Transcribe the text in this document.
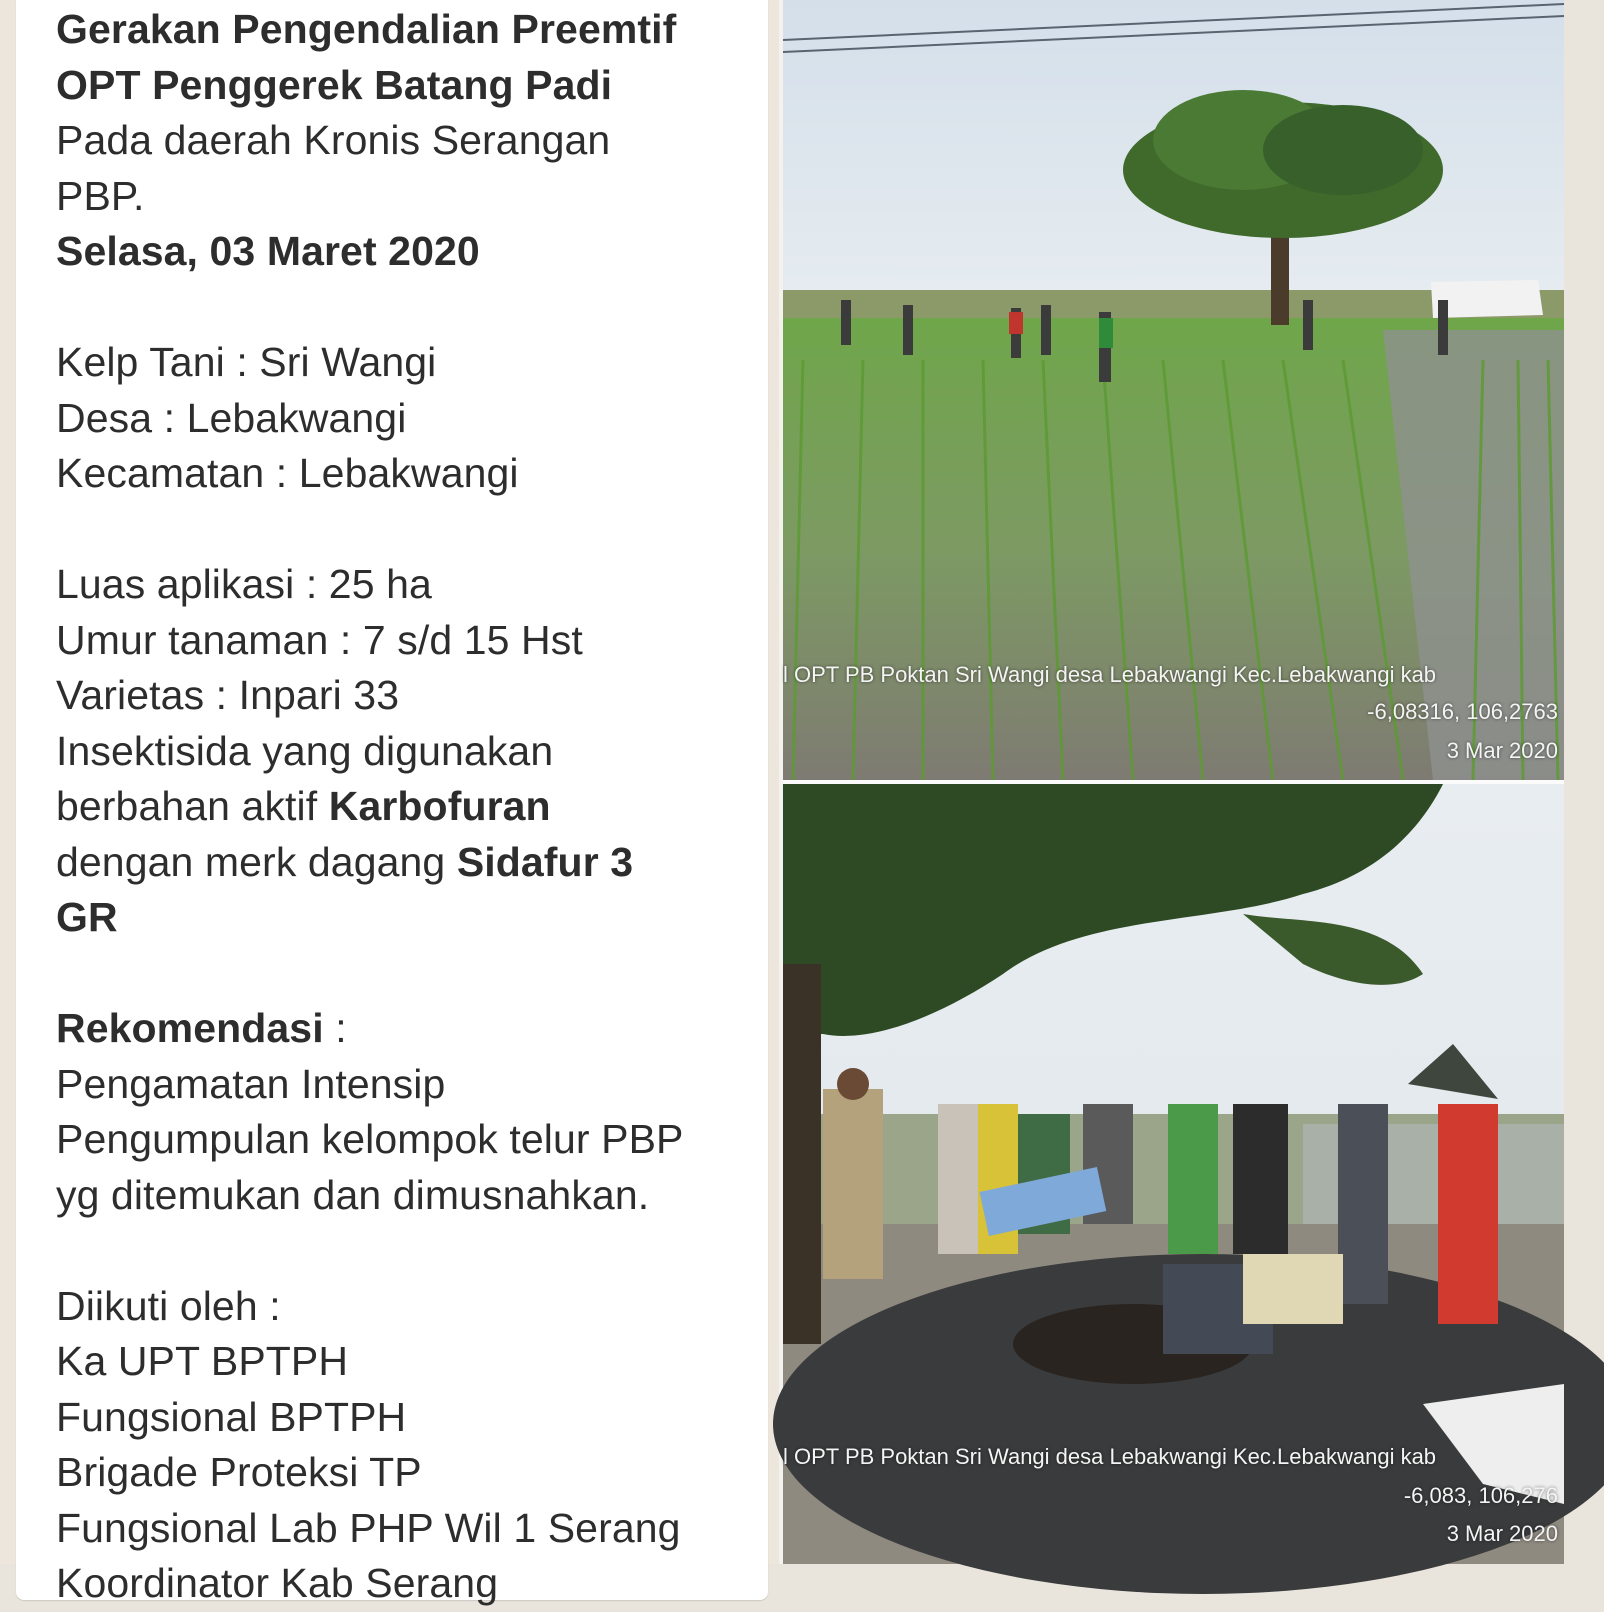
Gerakan Pengendalian Preemtif
OPT Penggerek Batang Padi
Pada daerah Kronis Serangan
PBP.
Selasa, 03 Maret 2020
Kelp Tani : Sri Wangi
Desa : Lebakwangi
Kecamatan : Lebakwangi
Luas aplikasi : 25 ha
Umur tanaman : 7 s/d 15 Hst
Varietas : Inpari 33
Insektisida yang digunakan
berbahan aktif Karbofuran
dengan merk dagang Sidafur 3
GR
Rekomendasi :
Pengamatan Intensip
Pengumpulan kelompok telur PBP
yg ditemukan dan dimusnahkan.
Diikuti oleh :
Ka UPT BPTPH
Fungsional BPTPH
Brigade Proteksi TP
Fungsional Lab PHP Wil 1 Serang
Koordinator Kab Serang
l OPT PB Poktan Sri Wangi desa Lebakwangi Kec.Lebakwangi kab
-6,08316, 106,2763
3 Mar 2020
l OPT PB Poktan Sri Wangi desa Lebakwangi Kec.Lebakwangi kab
-6,083, 106,276
3 Mar 2020
